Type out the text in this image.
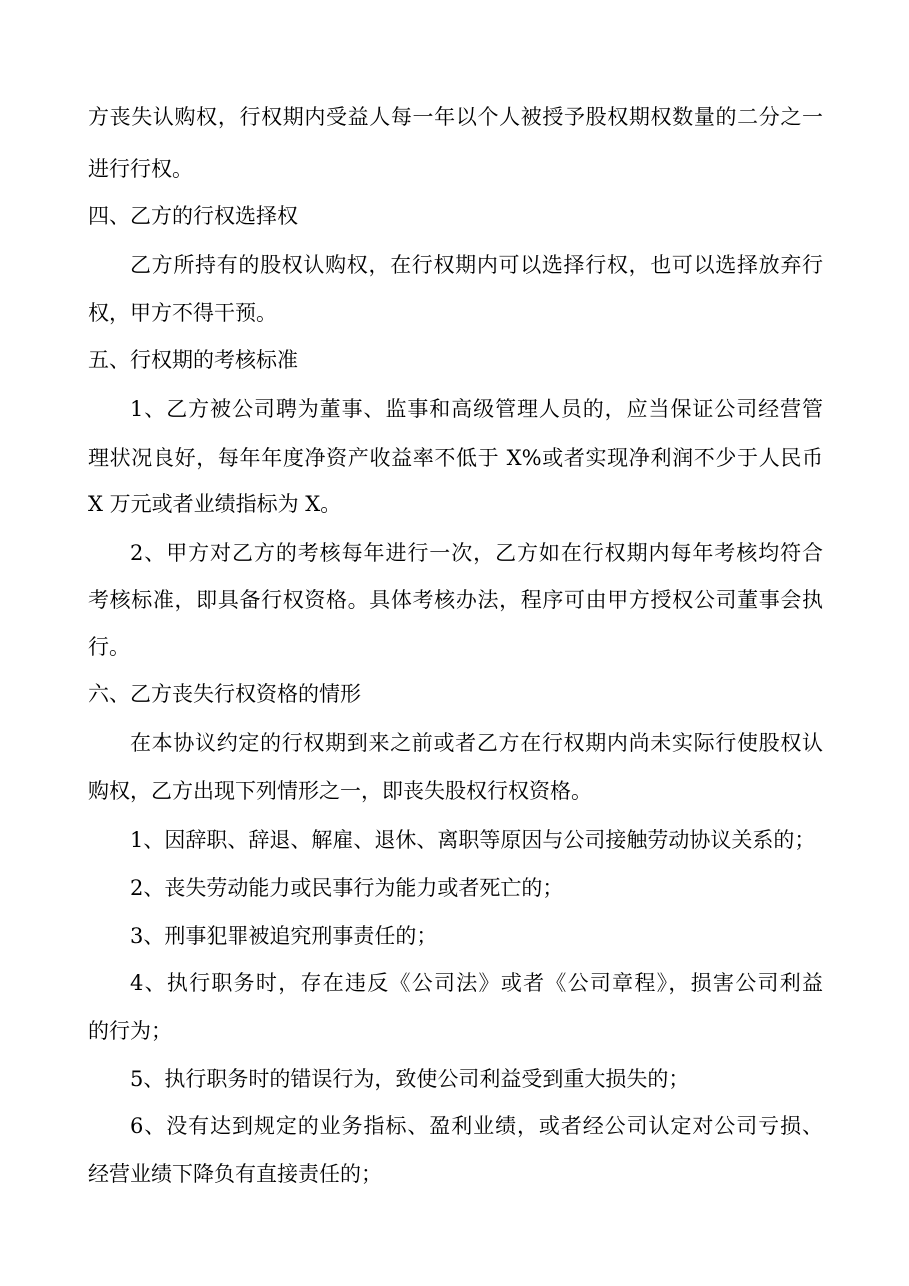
方丧失认购权，行权期内受益人每一年以个人被授予股权期权数量的二分之一
进行行权。
四、乙方的行权选择权
乙方所持有的股权认购权，在行权期内可以选择行权，也可以选择放弃行
权，甲方不得干预。
五、行权期的考核标准
1、乙方被公司聘为董事、监事和高级管理人员的，应当保证公司经营管
理状况良好，每年年度净资产收益率不低于 X%或者实现净利润不少于人民币
X 万元或者业绩指标为 X。
2、甲方对乙方的考核每年进行一次，乙方如在行权期内每年考核均符合
考核标准，即具备行权资格。具体考核办法，程序可由甲方授权公司董事会执
行。
六、乙方丧失行权资格的情形
在本协议约定的行权期到来之前或者乙方在行权期内尚未实际行使股权认
购权，乙方出现下列情形之一，即丧失股权行权资格。
1、因辞职、辞退、解雇、退休、离职等原因与公司接触劳动协议关系的；
2、丧失劳动能力或民事行为能力或者死亡的；
3、刑事犯罪被追究刑事责任的；
4、执行职务时，存在违反《公司法》或者《公司章程》，损害公司利益
的行为；
5、执行职务时的错误行为，致使公司利益受到重大损失的；
6、没有达到规定的业务指标、盈利业绩，或者经公司认定对公司亏损、
经营业绩下降负有直接责任的；
